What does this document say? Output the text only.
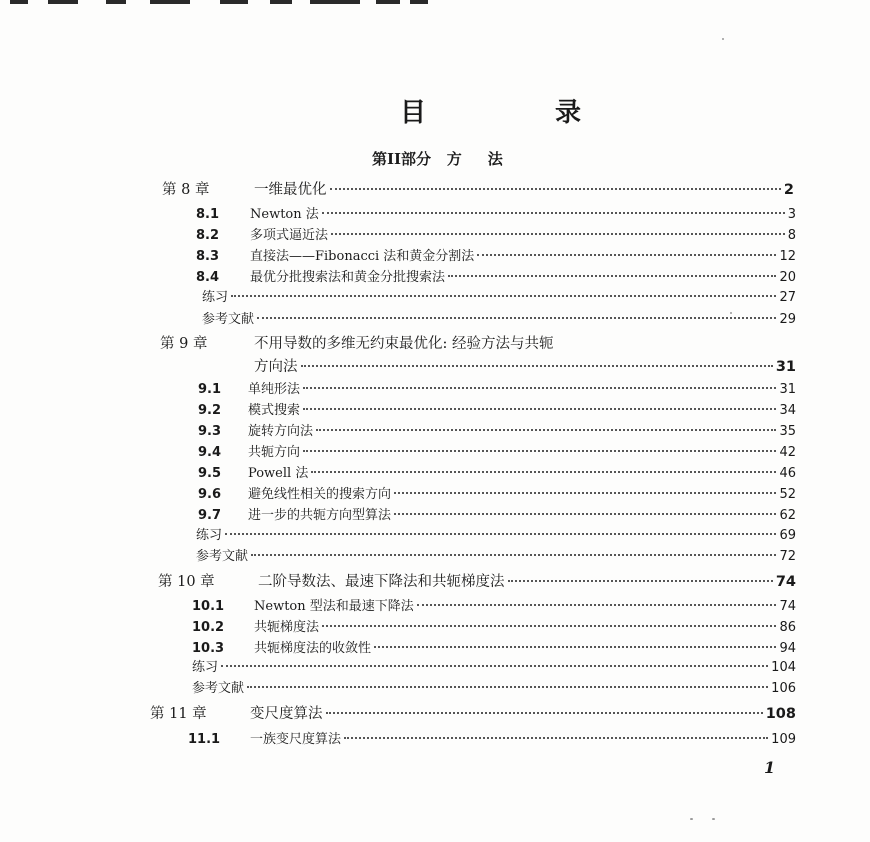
目 录
第II部分   方     法
第 8 章	一维最优化	2
8.1	Newton 法	3
8.2	多项式逼近法	8
8.3	直接法——Fibonacci 法和黄金分割法	12
8.4	最优分批搜索法和黄金分批搜索法	20
练习	27
参考文献	29
第 9 章	不用导数的多维无约束最优化: 经验方法与共轭
方向法	31
9.1	单纯形法	31
9.2	模式搜索	34
9.3	旋转方向法	35
9.4	共轭方向	42
9.5	Powell 法	46
9.6	避免线性相关的搜索方向	52
9.7	进一步的共轭方向型算法	62
练习	69
参考文献	72
第 10 章	二阶导数法、最速下降法和共轭梯度法	74
10.1	Newton 型法和最速下降法	74
10.2	共轭梯度法	86
10.3	共轭梯度法的收敛性	94
练习	104
参考文献	106
第 11 章	变尺度算法	108
11.1	一族变尺度算法	109
1
